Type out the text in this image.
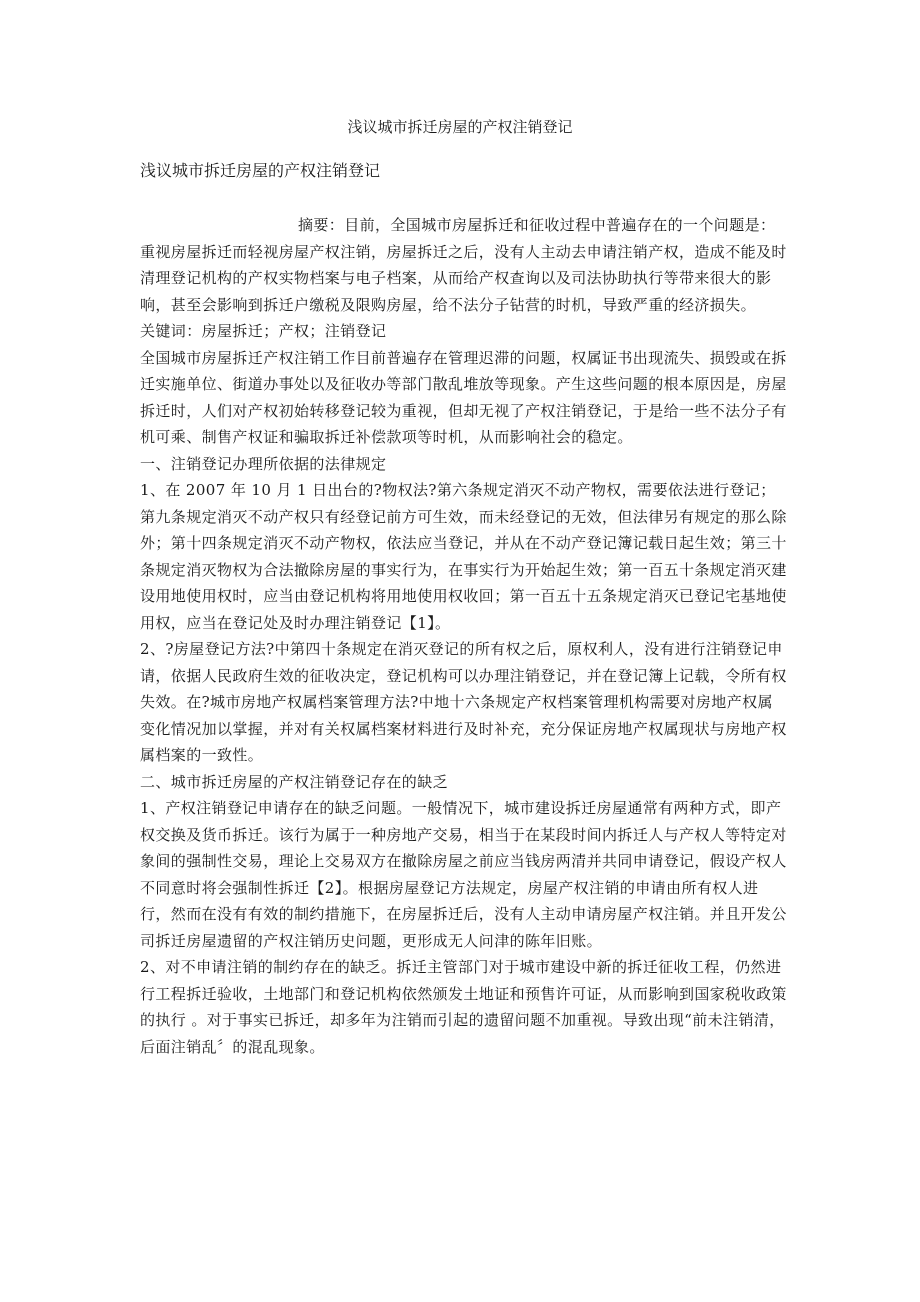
浅议城市拆迁房屋的产权注销登记
浅议城市拆迁房屋的产权注销登记

摘要：目前，全国城市房屋拆迁和征收过程中普遍存在的一个问题是：重视房屋拆迁而轻视房屋产权注销，房屋拆迁之后，没有人主动去申请注销产权，造成不能及时清理登记机构的产权实物档案与电子档案，从而给产权查询以及司法协助执行等带来很大的影响，甚至会影响到拆迁户缴税及限购房屋，给不法分子钻营的时机，导致严重的经济损失。

关键词：房屋拆迁；产权；注销登记

全国城市房屋拆迁产权注销工作目前普遍存在管理迟滞的问题，权属证书出现流失、损毁或在拆迁实施单位、街道办事处以及征收办等部门散乱堆放等现象。产生这些问题的根本原因是，房屋拆迁时，人们对产权初始转移登记较为重视，但却无视了产权注销登记，于是给一些不法分子有机可乘、制售产权证和骗取拆迁补偿款项等时机，从而影响社会的稳定。

一、注销登记办理所依据的法律规定

1、在 2007 年 10 月 1 日出台的?物权法?第六条规定消灭不动产物权，需要依法进行登记；第九条规定消灭不动产权只有经登记前方可生效，而未经登记的无效，但法律另有规定的那么除外；第十四条规定消灭不动产物权，依法应当登记，并从在不动产登记簿记载日起生效；第三十条规定消灭物权为合法撤除房屋的事实行为，在事实行为开始起生效；第一百五十条规定消灭建设用地使用权时，应当由登记机构将用地使用权收回；第一百五十五条规定消灭已登记宅基地使用权，应当在登记处及时办理注销登记【1】。

2、?房屋登记方法?中第四十条规定在消灭登记的所有权之后，原权利人，没有进行注销登记申请，依据人民政府生效的征收决定，登记机构可以办理注销登记，并在登记簿上记载，令所有权失效。在?城市房地产权属档案管理方法?中地十六条规定产权档案管理机构需要对房地产权属变化情况加以掌握，并对有关权属档案材料进行及时补充，充分保证房地产权属现状与房地产权属档案的一致性。

二、城市拆迁房屋的产权注销登记存在的缺乏

1、产权注销登记申请存在的缺乏问题。一般情况下，城市建设拆迁房屋通常有两种方式，即产权交换及货币拆迁。该行为属于一种房地产交易，相当于在某段时间内拆迁人与产权人等特定对象间的强制性交易，理论上交易双方在撤除房屋之前应当钱房两清并共同申请登记，假设产权人不同意时将会强制性拆迁【2】。根据房屋登记方法规定，房屋产权注销的申请由所有权人进行，然而在没有有效的制约措施下，在房屋拆迁后，没有人主动申请房屋产权注销。并且开发公司拆迁房屋遗留的产权注销历史问题，更形成无人问津的陈年旧账。

2、对不申请注销的制约存在的缺乏。拆迁主管部门对于城市建设中新的拆迁征收工程，仍然进行工程拆迁验收，土地部门和登记机构依然颁发土地证和预售许可证，从而影响到国家税收政策的执行 。对于事实已拆迁，却多年为注销而引起的遗留问题不加重视。导致出现“前未注销清，后面注销乱〞的混乱现象。
